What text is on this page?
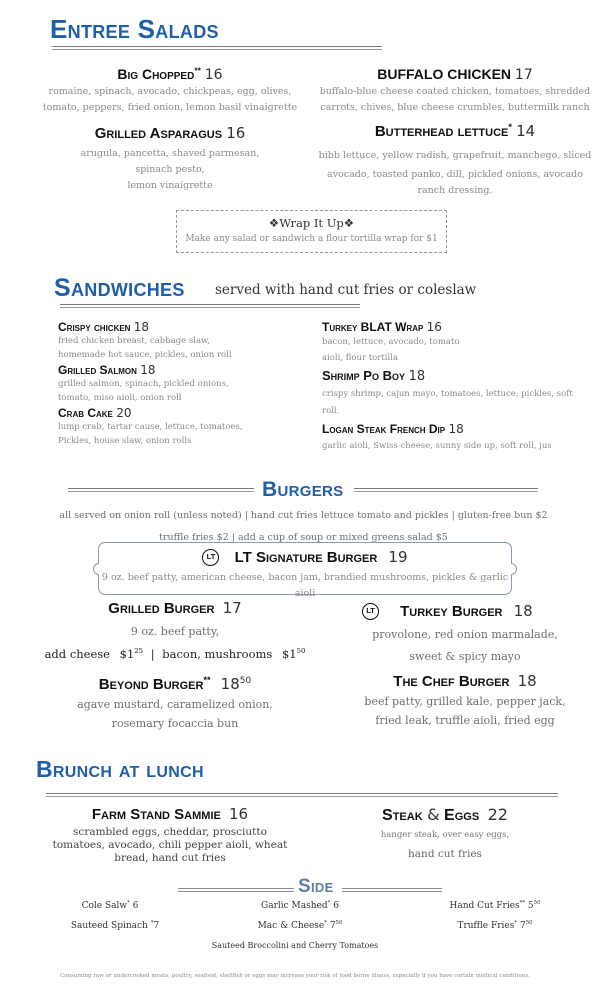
Entree Salads
Big Chopped** 16
romaine, spinach, avocado, chickpeas, egg, olives,
tomato, peppers, fried onion, lemon basil vinaigrette
BUFFALO CHICKEN 17
buffalo-blue cheese coated chicken, tomatoes, shredded
carrots, chives, blue cheese crumbles, buttermilk ranch
Grilled Asparagus 16
arugula, pancetta, shaved parmesan,
spinach pesto,
lemon vinaigrette
Butterhead lettuce* 14
bibb lettuce, yellow radish, grapefruit, manchego, sliced
avocado, toasted panko, dill, pickled onions, avocado
ranch dressing.
❖Wrap It Up❖
Make any salad or sandwich a flour tortilla wrap for $1
Sandwiches served with hand cut fries or coleslaw
Crispy chicken 18
fried chicken breast, cabbage slaw,
homemade hot sauce, pickles, onion roll
Grilled Salmon 18
grilled salmon, spinach, pickled onions,
tomato, miso aioli, onion roll
Crab Cake 20
lump crab, tartar cause, lettuce, tomatoes,
Pickles, house slaw, onion rolls
Turkey BLAT Wrap 16
bacon, lettuce, avocado, tomato
aioli, flour tortilla
Shrimp Po Boy 18
crispy shrimp, cajun mayo, tomatoes, lettuce, pickles, soft
roll.
Logan Steak French Dip 18
garlic aioli, Swiss cheese, sunny side up, soft roll, jus
Burgers
all served on onion roll (unless noted) | hand cut fries lettuce tomato and pickles | gluten-free bun $2
truffle fries $2 | add a cup of soup or mixed greens salad $5
LT LT Signature Burger 19
9 oz. beef patty, american cheese, bacon jam, brandied mushrooms, pickles & garlic aioli
Grilled Burger 17
9 oz. beef patty,
add cheese $\$1^{25}$ | bacon, mushrooms $\$1^{50}$
Beyond Burger** $18^{50}$
agave mustard, caramelized onion,
rosemary focaccia bun
LT Turkey Burger 18
provolone, red onion marmalade,
sweet & spicy mayo
The Chef Burger 18
beef patty, grilled kale, pepper jack,
fried leak, truffle aioli, fried egg
Brunch at lunch
Farm Stand Sammie 16
scrambled eggs, cheddar, prosciutto
tomatoes, avocado, chili pepper aioli, wheat
bread, hand cut fries
Steak & Eggs 22
hanger steak, over easy eggs,
hand cut fries
Side
Cole Salw* 6	Garlic Mashed* 6	Hand Cut Fries** $5^{50}$
Sauteed Spinach *7	Mac & Cheese* $7^{50}$	Truffle Fries* $7^{50}$
Sauteed Broccolini and Cherry Tomatoes
Consuming raw or undercooked meats, poultry, seafood, shellfish or eggs may increase your risk of food borne illness, especially if you have certain medical conditions.
